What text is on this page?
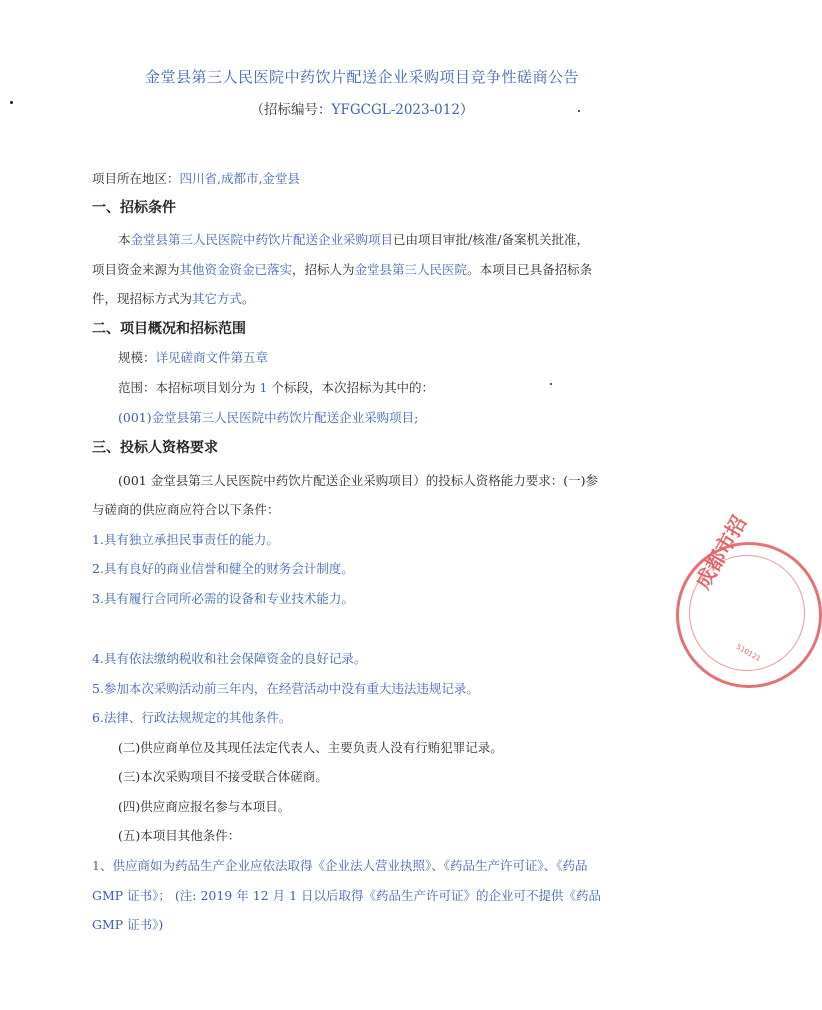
金堂县第三人民医院中药饮片配送企业采购项目竞争性磋商公告
（招标编号：YFGCGL-2023-012）
项目所在地区：四川省,成都市,金堂县
一、招标条件
本金堂县第三人民医院中药饮片配送企业采购项目已由项目审批/核准/备案机关批准，
项目资金来源为其他资金资金已落实，招标人为金堂县第三人民医院。本项目已具备招标条
件，现招标方式为其它方式。
二、项目概况和招标范围
规模：详见磋商文件第五章
范围：本招标项目划分为 1 个标段，本次招标为其中的：
(001)金堂县第三人民医院中药饮片配送企业采购项目;
三、投标人资格要求
(001 金堂县第三人民医院中药饮片配送企业采购项目）的投标人资格能力要求：(一)参
与磋商的供应商应符合以下条件：
1.具有独立承担民事责任的能力。
2.具有良好的商业信誉和健全的财务会计制度。
3.具有履行合同所必需的设备和专业技术能力。
4.具有依法缴纳税收和社会保障资金的良好记录。
5.参加本次采购活动前三年内，在经营活动中没有重大违法违规记录。
6.法律、行政法规规定的其他条件。
(二)供应商单位及其现任法定代表人、主要负责人没有行贿犯罪记录。
(三)本次采购项目不接受联合体磋商。
(四)供应商应报名参与本项目。
(五)本项目其他条件：
1、供应商如为药品生产企业应依法取得《企业法人营业执照》、《药品生产许可证》、《药品
GMP 证书》； (注: 2019 年 12 月 1 日以后取得《药品生产许可证》的企业可不提供《药品
GMP 证书》)
成都市招
510121
